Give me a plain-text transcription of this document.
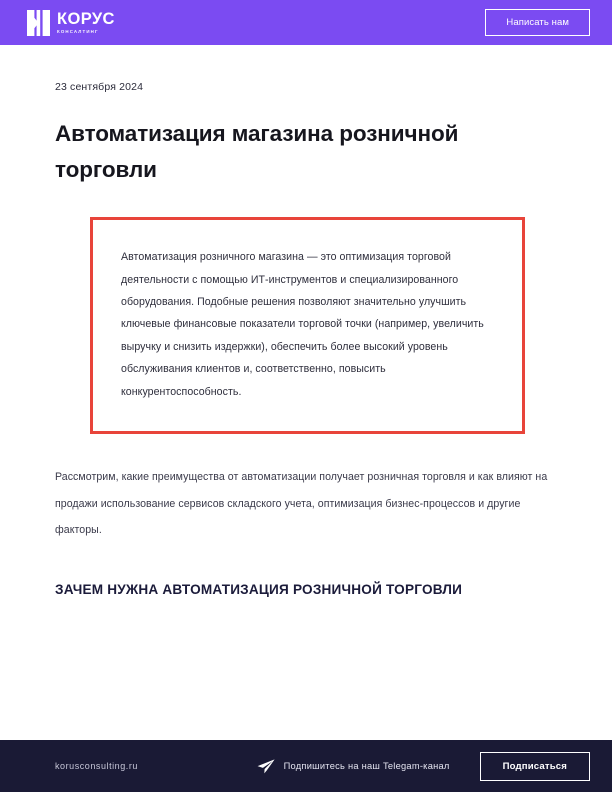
КОРУС
КОНСАЛТИНГ
Написать нам
23 сентября 2024
Автоматизация магазина розничной торговли

Автоматизация розничного магазина — это оптимизация торговой деятельности с помощью ИТ-инструментов и специализированного оборудования. Подобные решения позволяют значительно улучшить ключевые финансовые показатели торговой точки (например, увеличить выручку и снизить издержки), обеспечить более высокий уровень обслуживания клиентов и, соответственно, повысить конкурентоспособность.

Рассмотрим, какие преимущества от автоматизации получает розничная торговля и как влияют на продажи использование сервисов складского учета, оптимизация бизнес-процессов и другие факторы.

ЗАЧЕМ НУЖНА АВТОМАТИЗАЦИЯ РОЗНИЧНОЙ ТОРГОВЛИ
korusconsulting.ru	Подпишитесь на наш Telegam-канал	Подписаться
